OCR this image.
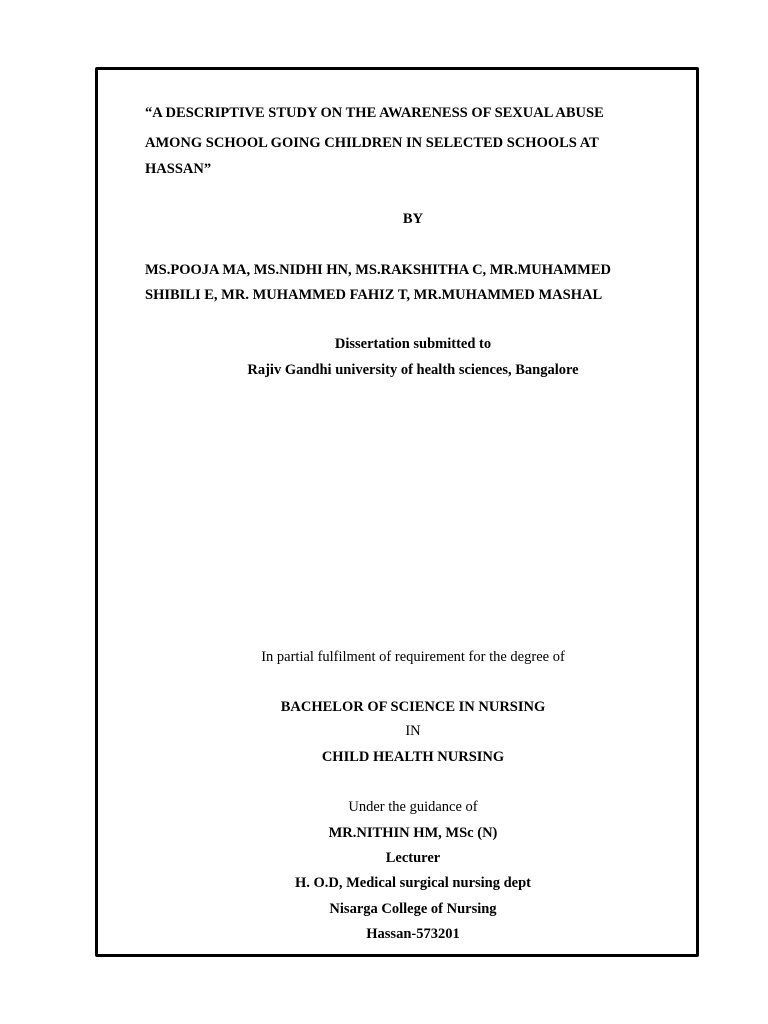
“A DESCRIPTIVE STUDY ON THE AWARENESS OF SEXUAL ABUSE
AMONG SCHOOL GOING CHILDREN IN SELECTED SCHOOLS AT
HASSAN”
BY
MS.POOJA MA, MS.NIDHI HN, MS.RAKSHITHA C, MR.MUHAMMED
SHIBILI E, MR. MUHAMMED FAHIZ T, MR.MUHAMMED MASHAL
Dissertation submitted to
Rajiv Gandhi university of health sciences, Bangalore
In partial fulfilment of requirement for the degree of
BACHELOR OF SCIENCE IN NURSING
IN
CHILD HEALTH NURSING
Under the guidance of
MR.NITHIN HM, MSc (N)
Lecturer
H. O.D, Medical surgical nursing dept
Nisarga College of Nursing
Hassan-573201
